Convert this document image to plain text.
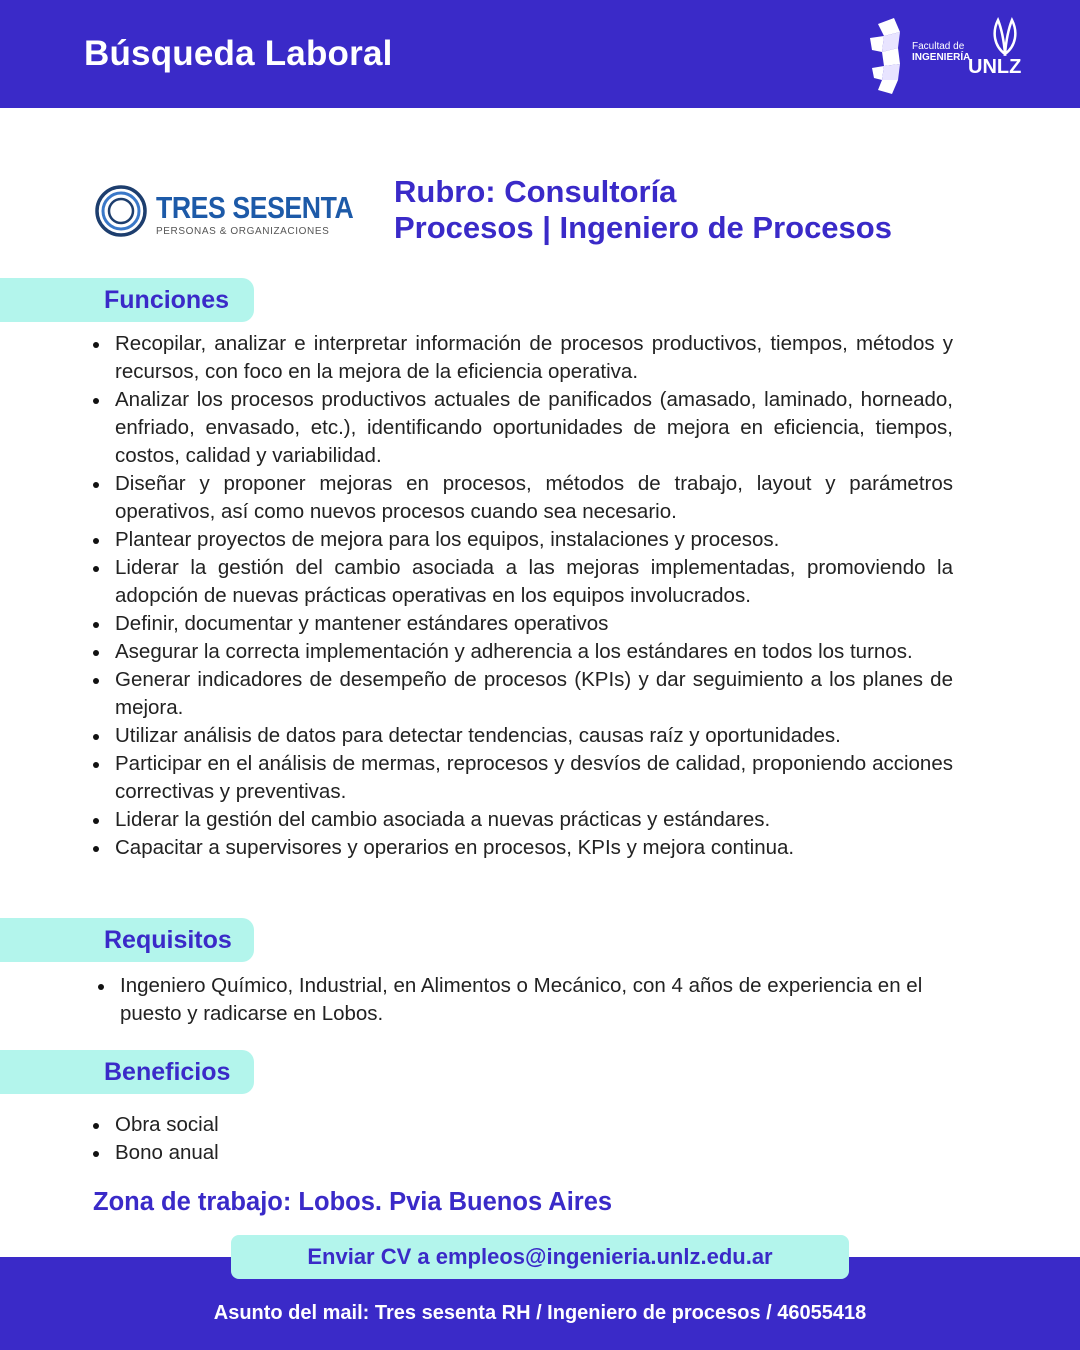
Búsqueda Laboral	Facultad de
INGENIERÍA
UNLZ
TRES SESENTA
PERSONAS & ORGANIZACIONES
Rubro: Consultoría
Procesos | Ingeniero de Procesos
Funciones
Recopilar, analizar e interpretar información de procesos productivos, tiempos, métodos y recursos, con foco en la mejora de la eficiencia operativa.
Analizar los procesos productivos actuales de panificados (amasado, laminado, horneado, enfriado, envasado, etc.), identificando oportunidades de mejora en eficiencia, tiempos, costos, calidad y variabilidad.
Diseñar y proponer mejoras en procesos, métodos de trabajo, layout y parámetros operativos, así como nuevos procesos cuando sea necesario.
Plantear proyectos de mejora para los equipos, instalaciones y procesos.
Liderar la gestión del cambio asociada a las mejoras implementadas, promoviendo la adopción de nuevas prácticas operativas en los equipos involucrados.
Definir, documentar y mantener estándares operativos
Asegurar la correcta implementación y adherencia a los estándares en todos los turnos.
Generar indicadores de desempeño de procesos (KPIs) y dar seguimiento a los planes de mejora.
Utilizar análisis de datos para detectar tendencias, causas raíz y oportunidades.
Participar en el análisis de mermas, reprocesos y desvíos de calidad, proponiendo acciones correctivas y preventivas.
Liderar la gestión del cambio asociada a nuevas prácticas y estándares.
Capacitar a supervisores y operarios en procesos, KPIs y mejora continua.
Requisitos
Ingeniero Químico, Industrial, en Alimentos o Mecánico, con 4 años de experiencia en el puesto y radicarse en Lobos.
Beneficios
Obra social
Bono anual
Zona de trabajo: Lobos. Pvia Buenos Aires
Enviar CV a empleos@ingenieria.unlz.edu.ar
Asunto del mail: Tres sesenta RH / Ingeniero de procesos / 46055418
